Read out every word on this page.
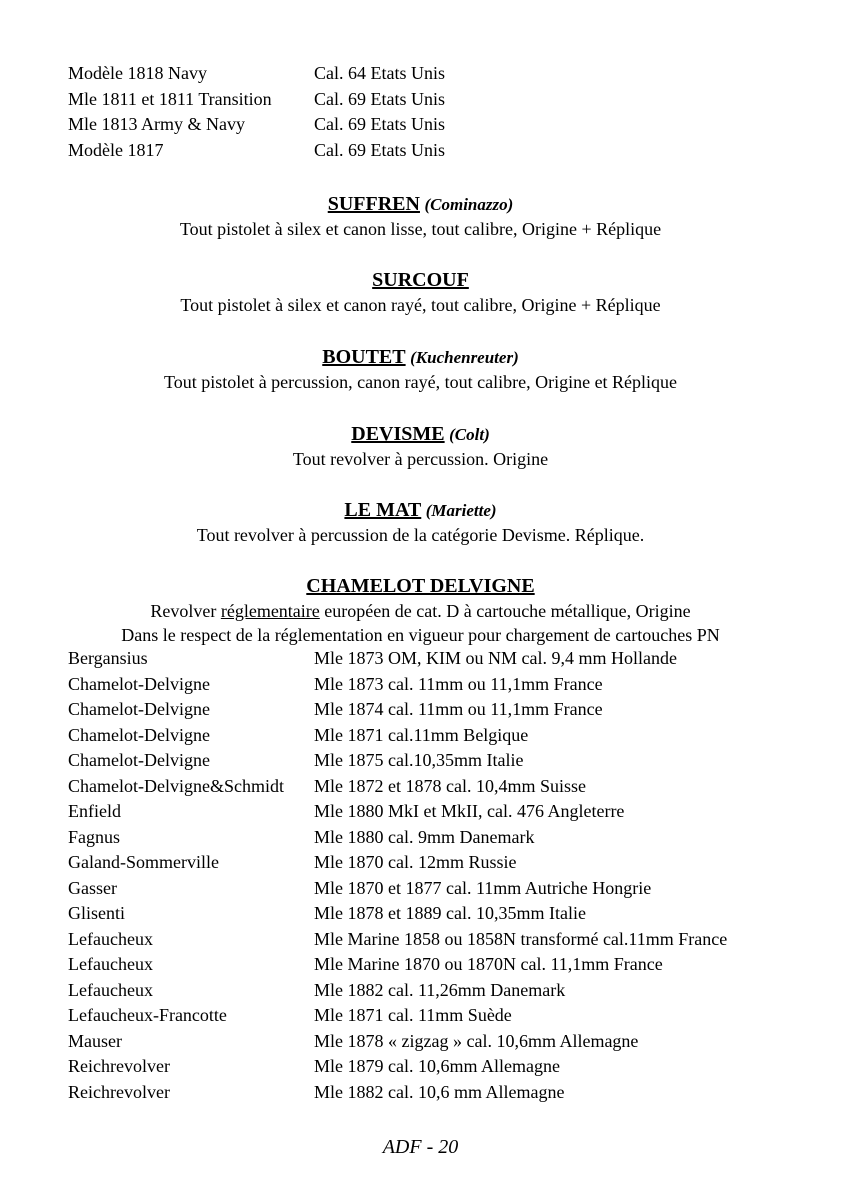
Modèle 1818 Navy	Cal. 64 Etats Unis
Mle 1811 et 1811 Transition	Cal. 69 Etats Unis
Mle 1813 Army & Navy	Cal. 69 Etats Unis
Modèle 1817	Cal. 69 Etats Unis
SUFFREN (Cominazzo)
Tout pistolet à silex et canon lisse, tout calibre, Origine + Réplique
SURCOUF
Tout pistolet à silex et canon rayé, tout calibre, Origine + Réplique
BOUTET (Kuchenreuter)
Tout pistolet à percussion, canon rayé, tout calibre, Origine et Réplique
DEVISME (Colt)
Tout revolver à percussion. Origine
LE MAT (Mariette)
Tout revolver à percussion de la catégorie Devisme. Réplique.
CHAMELOT DELVIGNE
Revolver réglementaire européen de cat. D à cartouche métallique, Origine
Dans le respect de la réglementation en vigueur pour chargement de cartouches PN
Bergansius	Mle 1873 OM, KIM ou NM cal. 9,4 mm Hollande
Chamelot-Delvigne	Mle 1873 cal. 11mm ou 11,1mm France
Chamelot-Delvigne	Mle 1874 cal. 11mm ou 11,1mm France
Chamelot-Delvigne	Mle 1871 cal.11mm Belgique
Chamelot-Delvigne	Mle 1875 cal.10,35mm Italie
Chamelot-Delvigne&Schmidt	Mle 1872 et 1878 cal. 10,4mm Suisse
Enfield	Mle 1880 MkI et MkII, cal. 476 Angleterre
Fagnus	Mle 1880 cal. 9mm Danemark
Galand-Sommerville	Mle 1870 cal. 12mm Russie
Gasser	Mle 1870 et 1877 cal. 11mm Autriche Hongrie
Glisenti	Mle 1878 et 1889 cal. 10,35mm Italie
Lefaucheux	Mle Marine 1858 ou 1858N transformé cal.11mm France
Lefaucheux	Mle Marine 1870 ou 1870N cal. 11,1mm France
Lefaucheux	Mle 1882 cal. 11,26mm Danemark
Lefaucheux-Francotte	Mle 1871 cal. 11mm Suède
Mauser	Mle 1878 « zigzag » cal. 10,6mm Allemagne
Reichrevolver	Mle 1879 cal. 10,6mm Allemagne
Reichrevolver	Mle 1882 cal. 10,6 mm Allemagne
ADF - 20
